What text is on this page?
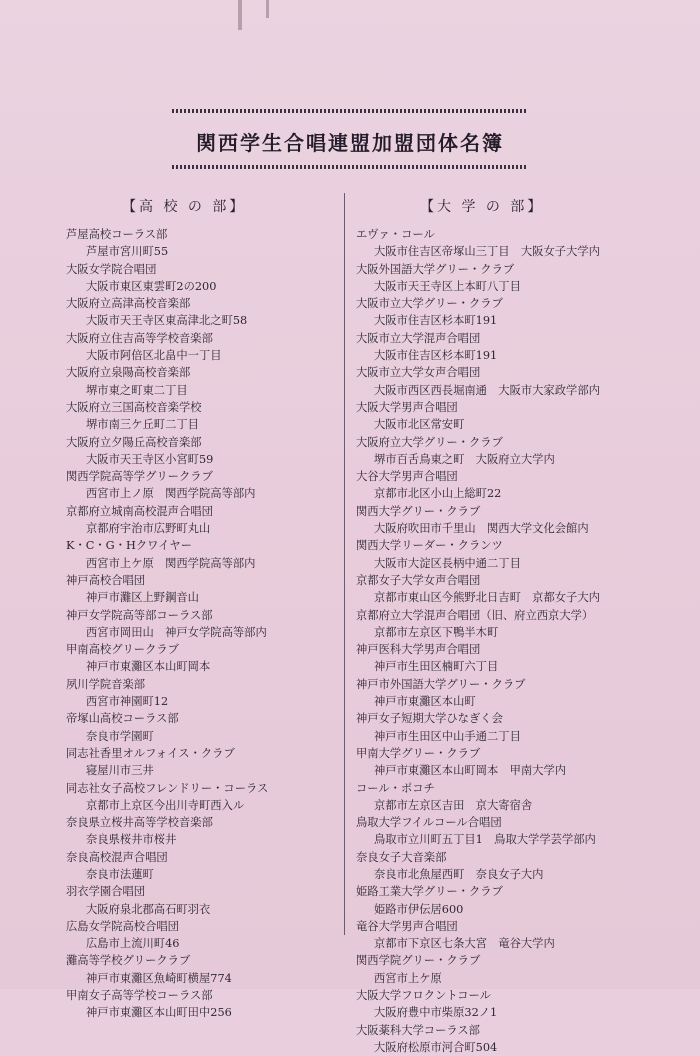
関西学生合唱連盟加盟団体名簿
【高 校 の 部】
芦屋高校コーラス部
芦屋市宮川町55
大阪女学院合唱団
大阪市東区東雲町2の200
大阪府立高津高校音楽部
大阪市天王寺区東高津北之町58
大阪府立住吉高等学校音楽部
大阪市阿倍区北畠中一丁目
大阪府立泉陽高校音楽部
堺市東之町東二丁目
大阪府立三国高校音楽学校
堺市南三ケ丘町二丁目
大阪府立夕陽丘高校音楽部
大阪市天王寺区小宮町59
関西学院高等学グリークラブ
西宮市上ノ原　関西学院高等部内
京都府立城南高校混声合唱団
京都府宇治市広野町丸山
K・C・G・Hクワイヤー
西宮市上ケ原　関西学院高等部内
神戸高校合唱団
神戸市灘区上野鋼音山
神戸女学院高等部コーラス部
西宮市岡田山　神戸女学院高等部内
甲南高校グリークラブ
神戸市東灘区本山町岡本
夙川学院音楽部
西宮市神園町12
帝塚山高校コーラス部
奈良市学園町
同志社香里オルフォイス・クラブ
寝屋川市三井
同志社女子高校フレンドリー・コーラス
京都市上京区今出川寺町西入ル
奈良県立桜井高等学校音楽部
奈良県桜井市桜井
奈良高校混声合唱団
奈良市法蓮町
羽衣学園合唱団
大阪府泉北郡高石町羽衣
広島女学院高校合唱団
広島市上流川町46
灘高等学校グリークラブ
神戸市東灘区魚崎町横屋774
甲南女子高等学校コーラス部
神戸市東灘区本山町田中256
【大 学 の 部】
エヴァ・コール
大阪市住吉区帝塚山三丁目　大阪女子大学内
大阪外国語大学グリー・クラブ
大阪市天王寺区上本町八丁目
大阪市立大学グリー・クラブ
大阪市住吉区杉本町191
大阪市立大学混声合唱団
大阪市住吉区杉本町191
大阪市立大学女声合唱団
大阪市西区西長堀南通　大阪市大家政学部内
大阪大学男声合唱団
大阪市北区常安町
大阪府立大学グリー・クラブ
堺市百舌鳥東之町　大阪府立大学内
大谷大学男声合唱団
京都市北区小山上総町22
関西大学グリー・クラブ
大阪府吹田市千里山　関西大学文化会館内
関西大学リーダー・クランツ
大阪市大淀区長柄中通二丁目
京都女子大学女声合唱団
京都市東山区今熊野北日吉町　京都女子大内
京都府立大学混声合唱団（旧、府立西京大学）
京都市左京区下鴨半木町
神戸医科大学男声合唱団
神戸市生田区楠町六丁目
神戸市外国語大学グリー・クラブ
神戸市東灘区本山町
神戸女子短期大学ひなぎく会
神戸市生田区中山手通二丁目
甲南大学グリー・クラブ
神戸市東灘区本山町岡本　甲南大学内
コール・ポコチ
京都市左京区吉田　京大寄宿舎
鳥取大学フイルコール合唱団
鳥取市立川町五丁目1　鳥取大学学芸学部内
奈良女子大音楽部
奈良市北魚屋西町　奈良女子大内
姫路工業大学グリー・クラブ
姫路市伊伝居600
竜谷大学男声合唱団
京都市下京区七条大宮　竜谷大学内
関西学院グリー・クラブ
西宮市上ケ原
大阪大学フロクントコール
大阪府豊中市柴原32ノ1
大阪薬科大学コーラス部
大阪府松原市河合町504
